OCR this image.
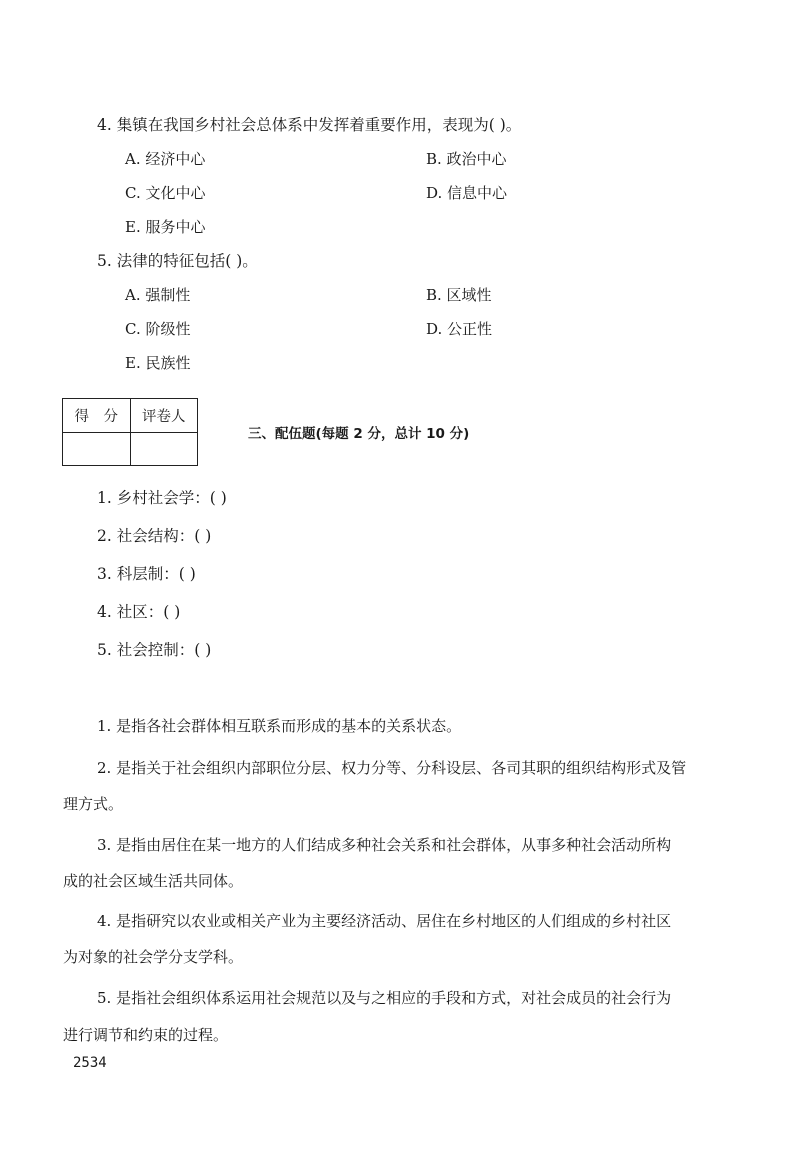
4. 集镇在我国乡村社会总体系中发挥着重要作用，表现为( )。
A. 经济中心	B. 政治中心
C. 文化中心	D. 信息中心
E. 服务中心
5. 法律的特征包括( )。
A. 强制性	B. 区域性
C. 阶级性	D. 公正性
E. 民族性
得　分	评卷人

三、配伍题(每题 2 分，总计 10 分)
1. 乡村社会学：( )
2. 社会结构：( )
3. 科层制：( )
4. 社区：( )
5. 社会控制：( )
1. 是指各社会群体相互联系而形成的基本的关系状态。
2. 是指关于社会组织内部职位分层、权力分等、分科设层、各司其职的组织结构形式及管
理方式。
3. 是指由居住在某一地方的人们结成多种社会关系和社会群体，从事多种社会活动所构
成的社会区域生活共同体。
4. 是指研究以农业或相关产业为主要经济活动、居住在乡村地区的人们组成的乡村社区
为对象的社会学分支学科。
5. 是指社会组织体系运用社会规范以及与之相应的手段和方式，对社会成员的社会行为
进行调节和约束的过程。
2534
